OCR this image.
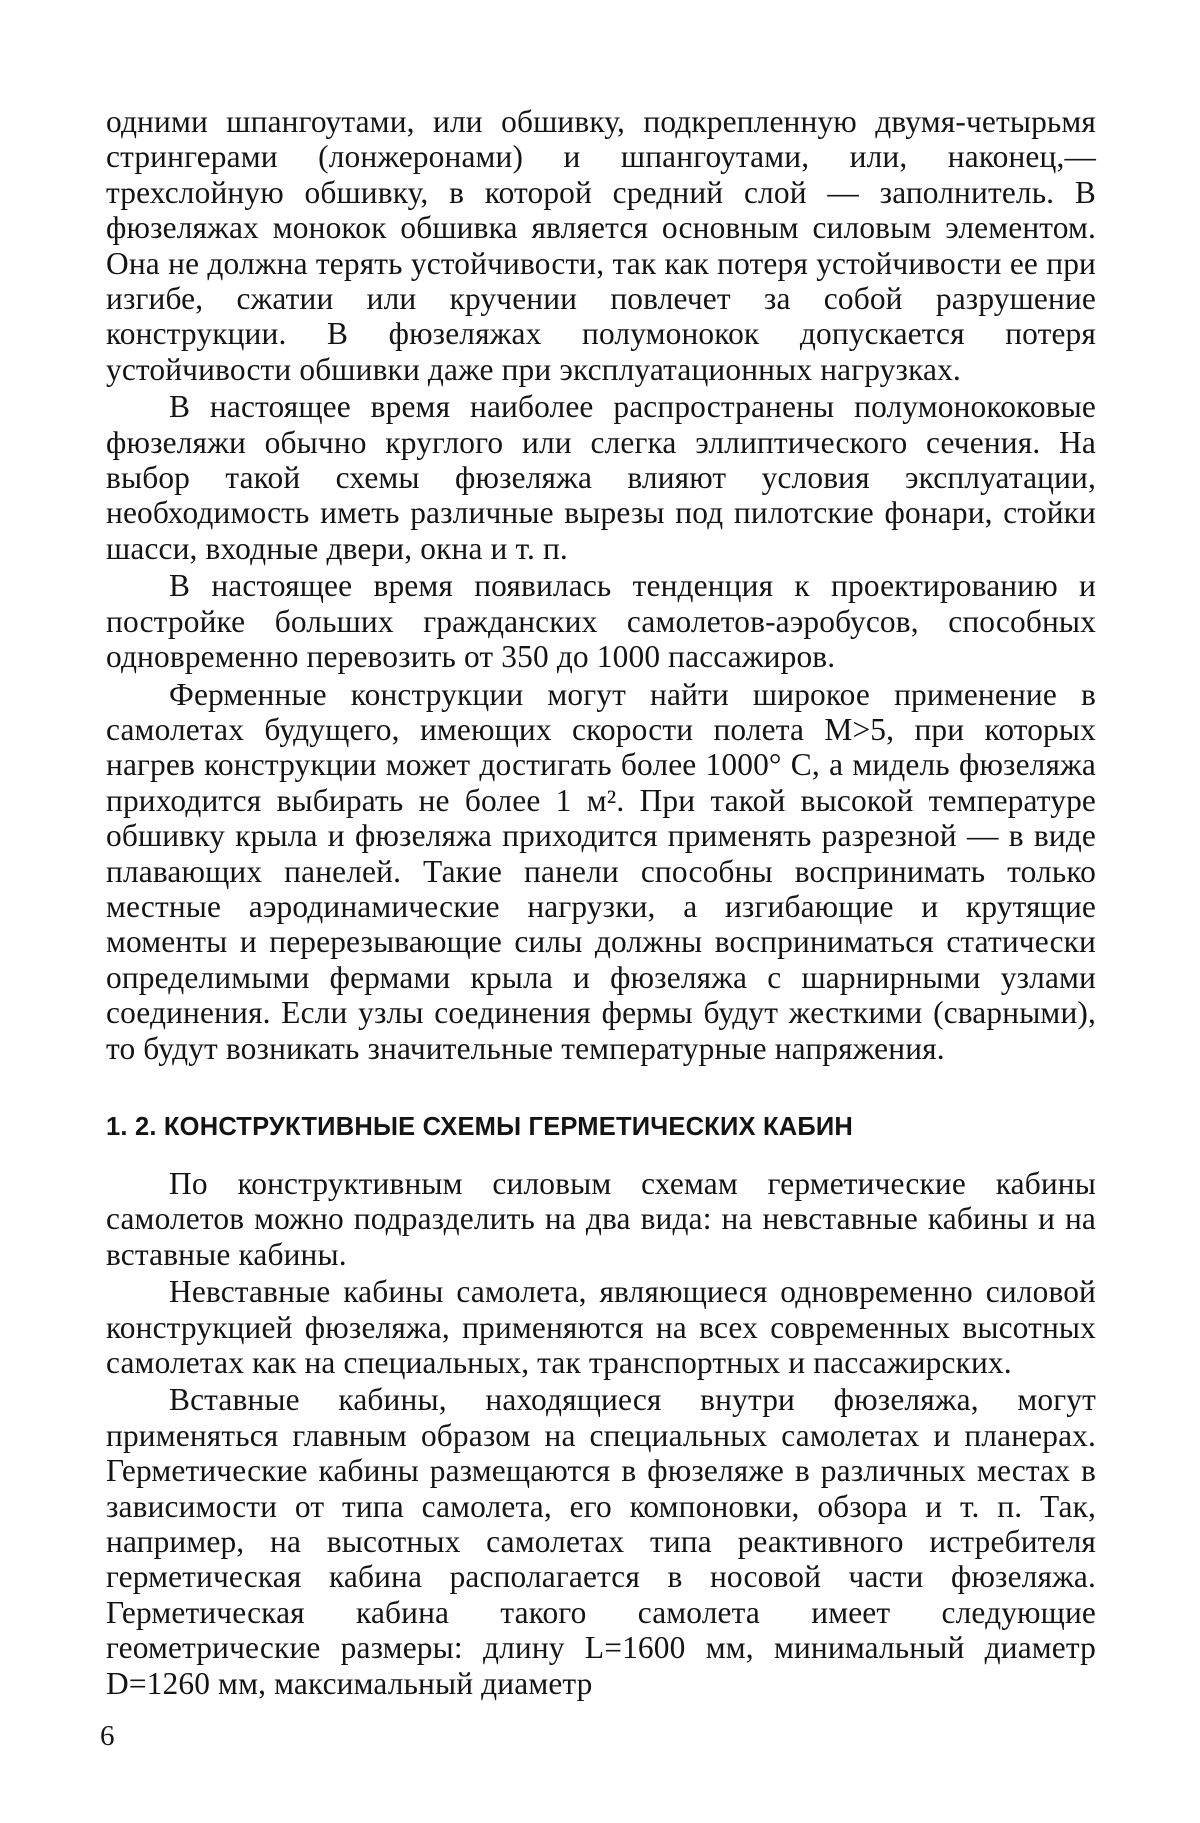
одними шпангоутами, или обшивку, подкрепленную двумя-четырьмя стрингерами (лонжеронами) и шпангоутами, или, наконец,— трехслойную обшивку, в которой средний слой — заполнитель. В фюзеляжах монокок обшивка является основным силовым элементом. Она не должна терять устойчивости, так как потеря устойчивости ее при изгибе, сжатии или кручении повлечет за собой разрушение конструкции. В фюзеляжах полумонокок допускается потеря устойчивости обшивки даже при эксплуатационных нагрузках.

В настоящее время наиболее распространены полумонококовые фюзеляжи обычно круглого или слегка эллиптического сечения. На выбор такой схемы фюзеляжа влияют условия эксплуатации, необходимость иметь различные вырезы под пилотские фонари, стойки шасси, входные двери, окна и т. п.

В настоящее время появилась тенденция к проектированию и постройке больших гражданских самолетов-аэробусов, способных одновременно перевозить от 350 до 1000 пассажиров.

Ферменные конструкции могут найти широкое применение в самолетах будущего, имеющих скорости полета M>5, при которых нагрев конструкции может достигать более 1000° С, а мидель фюзеляжа приходится выбирать не более 1 м². При такой высокой температуре обшивку крыла и фюзеляжа приходится применять разрезной — в виде плавающих панелей. Такие панели способны воспринимать только местные аэродинамические нагрузки, а изгибающие и крутящие моменты и перерезывающие силы должны восприниматься статически определимыми фермами крыла и фюзеляжа с шарнирными узлами соединения. Если узлы соединения фермы будут жесткими (сварными), то будут возникать значительные температурные напряжения.

1. 2. КОНСТРУКТИВНЫЕ СХЕМЫ ГЕРМЕТИЧЕСКИХ КАБИН

По конструктивным силовым схемам герметические кабины самолетов можно подразделить на два вида: на невставные кабины и на вставные кабины.

Невставные кабины самолета, являющиеся одновременно силовой конструкцией фюзеляжа, применяются на всех современных высотных самолетах как на специальных, так транспортных и пассажирских.

Вставные кабины, находящиеся внутри фюзеляжа, могут применяться главным образом на специальных самолетах и планерах. Герметические кабины размещаются в фюзеляже в различных местах в зависимости от типа самолета, его компоновки, обзора и т. п. Так, например, на высотных самолетах типа реактивного истребителя герметическая кабина располагается в носовой части фюзеляжа. Герметическая кабина такого самолета имеет следующие геометрические размеры: длину L=1600 мм, минимальный диаметр D=1260 мм, максимальный диаметр

6
